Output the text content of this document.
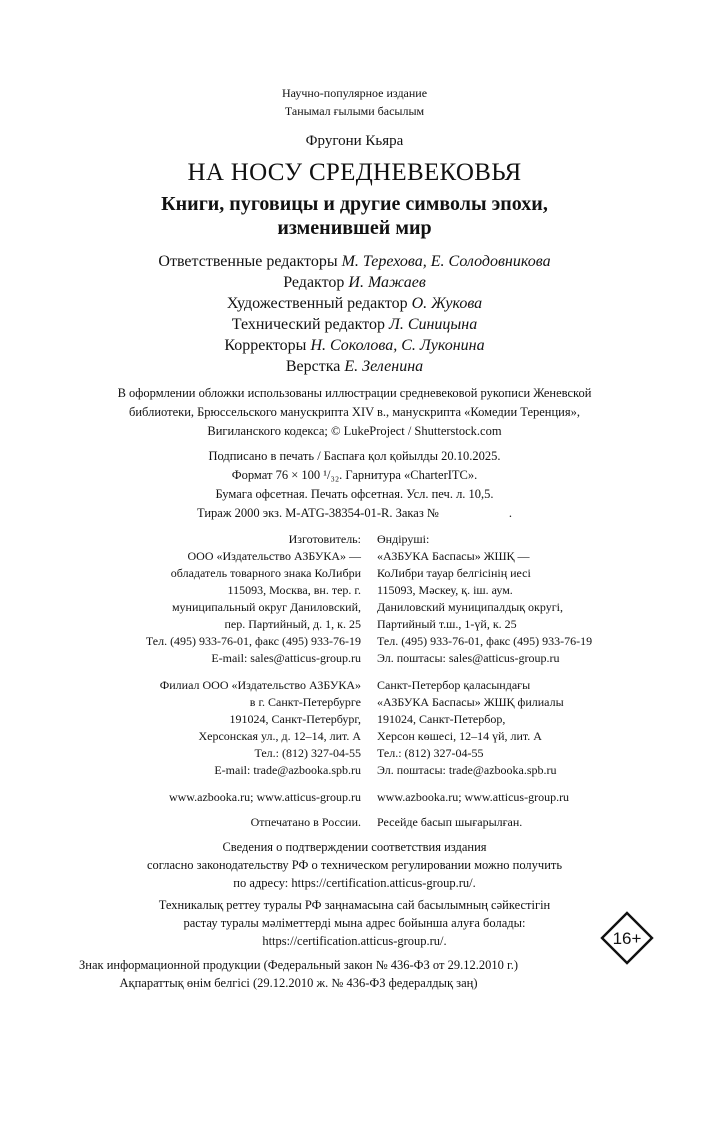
Научно-популярное издание
Танымал ғылыми басылым
Фругони Кьяра
НА НОСУ СРЕДНЕВЕКОВЬЯ
Книги, пуговицы и другие символы эпохи,
изменившей мир
Ответственные редакторы М. Терехова, Е. Солодовникова
Редактор И. Мажаев
Художественный редактор О. Жукова
Технический редактор Л. Синицына
Корректоры Н. Соколова, С. Луконина
Верстка Е. Зеленина
В оформлении обложки использованы иллюстрации средневековой рукописи Женевской
библиотеки, Брюссельского манускрипта XIV в., манускрипта «Комедии Теренция»,
Вигиланского кодекса; © LukeProject / Shutterstock.com
Подписано в печать / Баспаға қол қойылды 20.10.2025.
Формат 76 × 100 ¹/₃₂. Гарнитура «CharterITC».
Бумага офсетная. Печать офсетная. Усл. печ. л. 10,5.
Тираж 2000 экз. M-ATG-38354-01-R. Заказ №	.
Изготовитель:
ООО «Издательство АЗБУКА» —
обладатель товарного знака КоЛибри
115093, Москва, вн. тер. г.
муниципальный округ Даниловский,
пер. Партийный, д. 1, к. 25
Тел. (495) 933-76-01, факс (495) 933-76-19
E-mail: sales@atticus-group.ru
Өндіруші:
«АЗБУКА Баспасы» ЖШҚ —
КоЛибри тауар белгісінің иесі
115093, Мәскеу, қ. іш. аум.
Даниловский муниципалдық округі,
Партийный т.ш., 1-үй, к. 25
Тел. (495) 933-76-01, факс (495) 933-76-19
Эл. поштасы: sales@atticus-group.ru
Филиал ООО «Издательство АЗБУКА»
в г. Санкт-Петербурге
191024, Санкт-Петербург,
Херсонская ул., д. 12–14, лит. А
Тел.: (812) 327-04-55
E-mail: trade@azbooka.spb.ru
Санкт-Петербор қаласындағы
«АЗБУКА Баспасы» ЖШҚ филиалы
191024, Санкт-Петербор,
Херсон көшесі, 12–14 үй, лит. А
Тел.: (812) 327-04-55
Эл. поштасы: trade@azbooka.spb.ru
www.azbooka.ru; www.atticus-group.ru www.azbooka.ru; www.atticus-group.ru
Отпечатано в России. Ресейде басып шығарылған.
Сведения о подтверждении соответствия издания
согласно законодательству РФ о техническом регулировании можно получить
по адресу: https://certification.atticus-group.ru/.
Техникалық реттеу туралы РФ заңнамасына сай басылымның сәйкестігін
растау туралы мәліметтерді мына адрес бойынша алуға болады:
https://certification.atticus-group.ru/.
Знак информационной продукции (Федеральный закон № 436-ФЗ от 29.12.2010 г.)
Ақпараттық өнім белгісі (29.12.2010 ж. № 436-ФЗ федералдық заң)
16+
